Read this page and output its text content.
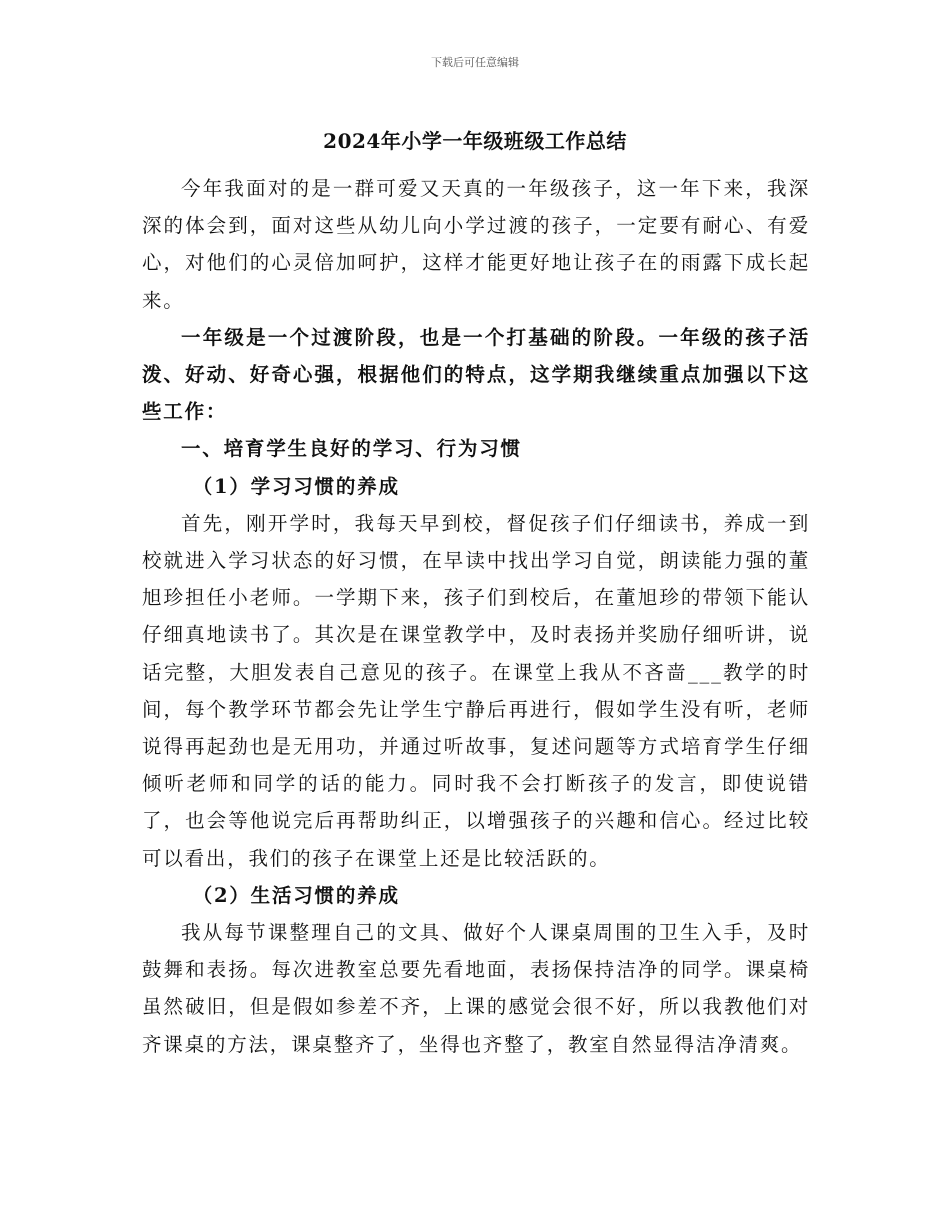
下载后可任意编辑
2024年小学一年级班级工作总结

今年我面对的是一群可爱又天真的一年级孩子，这一年下来，我深深的体会到，面对这些从幼儿向小学过渡的孩子，一定要有耐心、有爱心，对他们的心灵倍加呵护，这样才能更好地让孩子在的雨露下成长起来。

一年级是一个过渡阶段，也是一个打基础的阶段。一年级的孩子活泼、好动、好奇心强，根据他们的特点，这学期我继续重点加强以下这些工作：

一、培育学生良好的学习、行为习惯

（1）学习习惯的养成

首先，刚开学时，我每天早到校，督促孩子们仔细读书，养成一到校就进入学习状态的好习惯，在早读中找出学习自觉，朗读能力强的董旭珍担任小老师。一学期下来，孩子们到校后，在董旭珍的带领下能认仔细真地读书了。其次是在课堂教学中，及时表扬并奖励仔细听讲，说话完整，大胆发表自己意见的孩子。在课堂上我从不吝啬___教学的时间，每个教学环节都会先让学生宁静后再进行，假如学生没有听，老师说得再起劲也是无用功，并通过听故事，复述问题等方式培育学生仔细倾听老师和同学的话的能力。同时我不会打断孩子的发言，即使说错了，也会等他说完后再帮助纠正，以增强孩子的兴趣和信心。经过比较可以看出，我们的孩子在课堂上还是比较活跃的。

（2）生活习惯的养成

我从每节课整理自己的文具、做好个人课桌周围的卫生入手，及时鼓舞和表扬。每次进教室总要先看地面，表扬保持洁净的同学。课桌椅虽然破旧，但是假如参差不齐，上课的感觉会很不好，所以我教他们对齐课桌的方法，课桌整齐了，坐得也齐整了，教室自然显得洁净清爽。
